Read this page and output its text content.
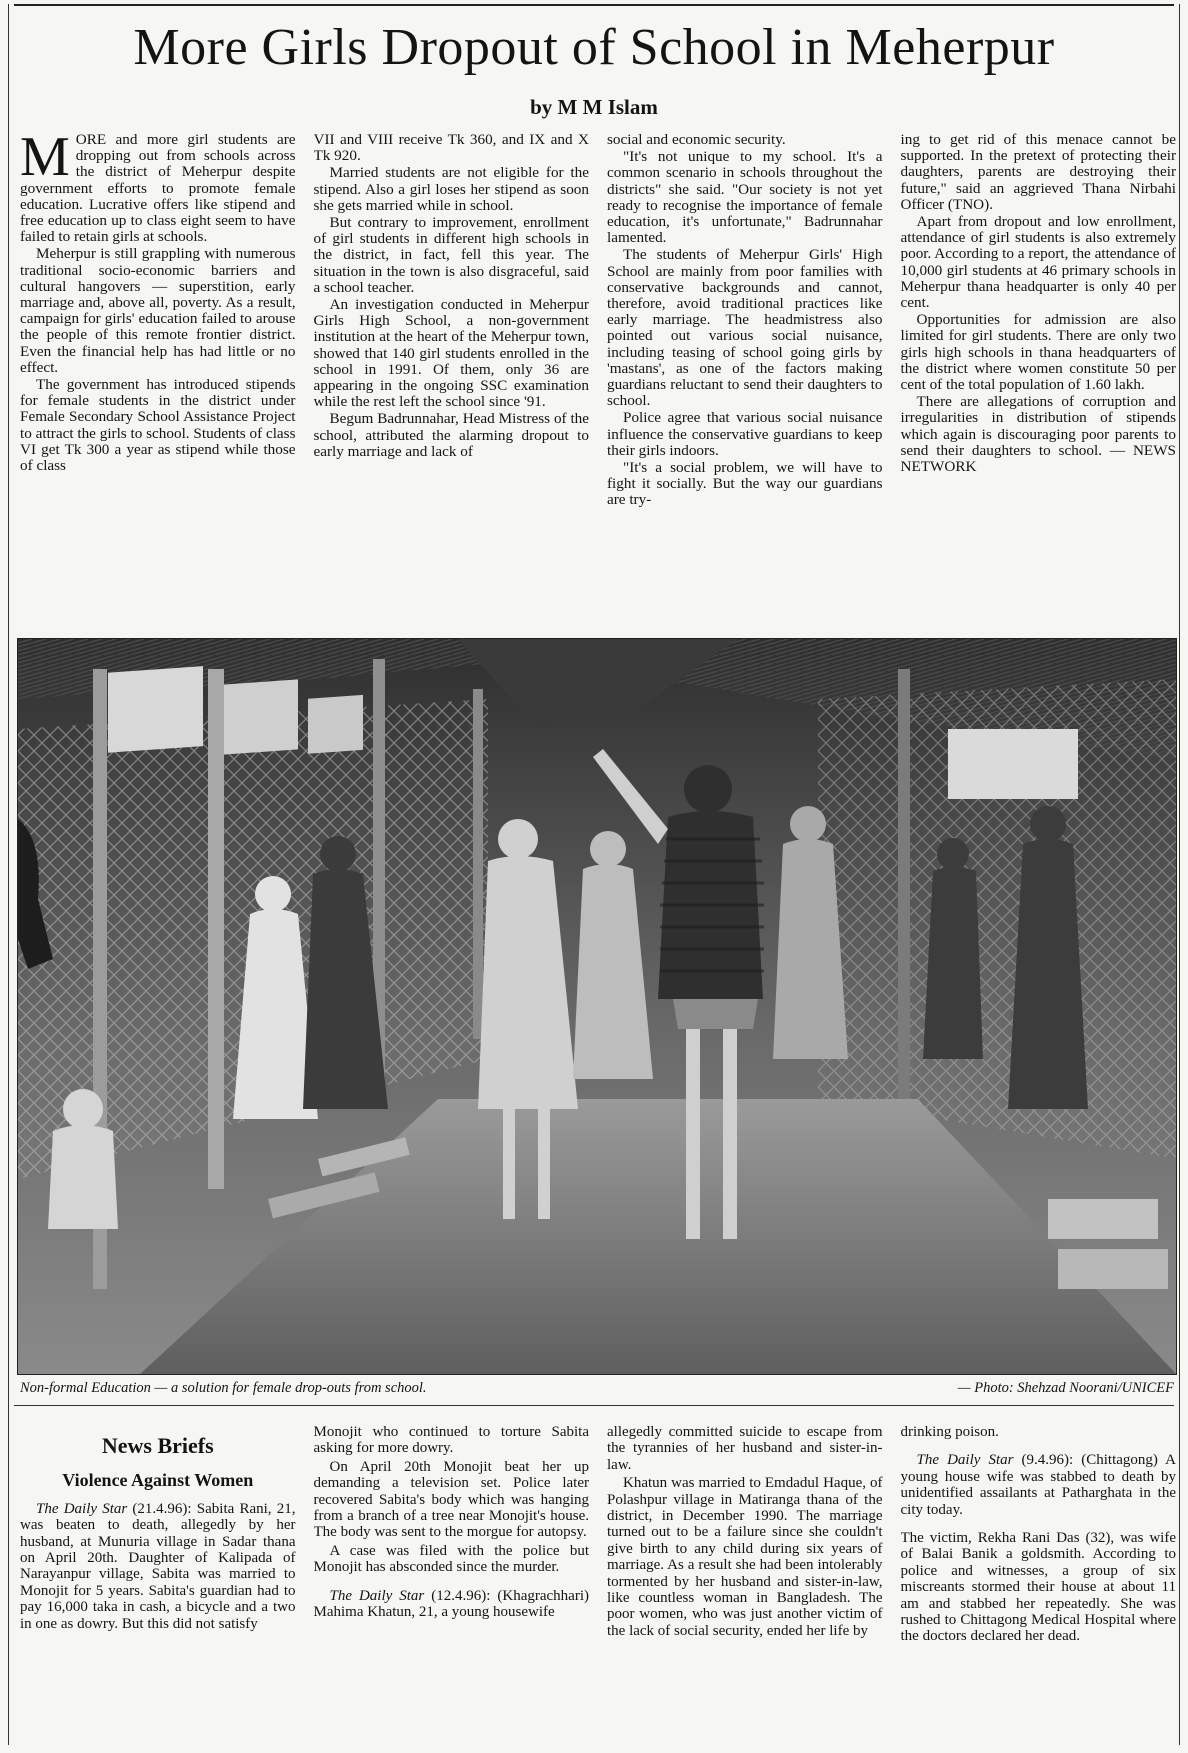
More Girls Dropout of School in Meherpur
by M M Islam

MORE and more girl students are dropping out from schools across the district of Meherpur despite government efforts to promote female education. Lucrative offers like stipend and free education up to class eight seem to have failed to retain girls at schools.

Meherpur is still grappling with numerous traditional socio-economic barriers and cultural hangovers — superstition, early marriage and, above all, poverty. As a result, campaign for girls' education failed to arouse the people of this remote frontier district. Even the financial help has had little or no effect.

The government has introduced stipends for female students in the district under Female Secondary School Assistance Project to attract the girls to school. Students of class VI get Tk 300 a year as stipend while those of class

VII and VIII receive Tk 360, and IX and X Tk 920.

Married students are not eligible for the stipend. Also a girl loses her stipend as soon she gets married while in school.

But contrary to improvement, enrollment of girl students in different high schools in the district, in fact, fell this year. The situation in the town is also disgraceful, said a school teacher.

An investigation conducted in Meherpur Girls High School, a non-government institution at the heart of the Meherpur town, showed that 140 girl students enrolled in the school in 1991. Of them, only 36 are appearing in the ongoing SSC examination while the rest left the school since '91.

Begum Badrunnahar, Head Mistress of the school, attributed the alarming dropout to early marriage and lack of

social and economic security.

"It's not unique to my school. It's a common scenario in schools throughout the districts" she said. "Our society is not yet ready to recognise the importance of female education, it's unfortunate," Badrunnahar lamented.

The students of Meherpur Girls' High School are mainly from poor families with conservative backgrounds and cannot, therefore, avoid traditional practices like early marriage. The headmistress also pointed out various social nuisance, including teasing of school going girls by 'mastans', as one of the factors making guardians reluctant to send their daughters to school.

Police agree that various social nuisance influence the conservative guardians to keep their girls indoors.

"It's a social problem, we will have to fight it socially. But the way our guardians are try-

ing to get rid of this menace cannot be supported. In the pretext of protecting their daughters, parents are destroying their future," said an aggrieved Thana Nirbahi Officer (TNO).

Apart from dropout and low enrollment, attendance of girl students is also extremely poor. According to a report, the attendance of 10,000 girl students at 46 primary schools in Meherpur thana headquarter is only 40 per cent.

Opportunities for admission are also limited for girl students. There are only two girls high schools in thana headquarters of the district where women constitute 50 per cent of the total population of 1.60 lakh.

There are allegations of corruption and irregularities in distribution of stipends which again is discouraging poor parents to send their daughters to school. — NEWS NETWORK

Non-formal Education — a solution for female drop-outs from school.	— Photo: Shehzad Noorani/UNICEF
News Briefs
Violence Against Women

The Daily Star (21.4.96): Sabita Rani, 21, was beaten to death, allegedly by her husband, at Munuria village in Sadar thana on April 20th. Daughter of Kalipada of Narayanpur village, Sabita was married to Monojit for 5 years. Sabita's guardian had to pay 16,000 taka in cash, a bicycle and a two in one as dowry. But this did not satisfy

Monojit who continued to torture Sabita asking for more dowry.

On April 20th Monojit beat her up demanding a television set. Police later recovered Sabita's body which was hanging from a branch of a tree near Monojit's house. The body was sent to the morgue for autopsy.

A case was filed with the police but Monojit has absconded since the murder.

The Daily Star (12.4.96): (Khagrachhari) Mahima Khatun, 21, a young housewife

allegedly committed suicide to escape from the tyrannies of her husband and sister-in-law.

Khatun was married to Emdadul Haque, of Polashpur village in Matiranga thana of the district, in December 1990. The marriage turned out to be a failure since she couldn't give birth to any child during six years of marriage. As a result she had been intolerably tormented by her husband and sister-in-law, like countless woman in Bangladesh. The poor women, who was just another victim of the lack of social security, ended her life by

drinking poison.

The Daily Star (9.4.96): (Chittagong) A young house wife was stabbed to death by unidentified assailants at Patharghata in the city today.

The victim, Rekha Rani Das (32), was wife of Balai Banik a goldsmith. According to police and witnesses, a group of six miscreants stormed their house at about 11 am and stabbed her repeatedly. She was rushed to Chittagong Medical Hospital where the doctors declared her dead.
